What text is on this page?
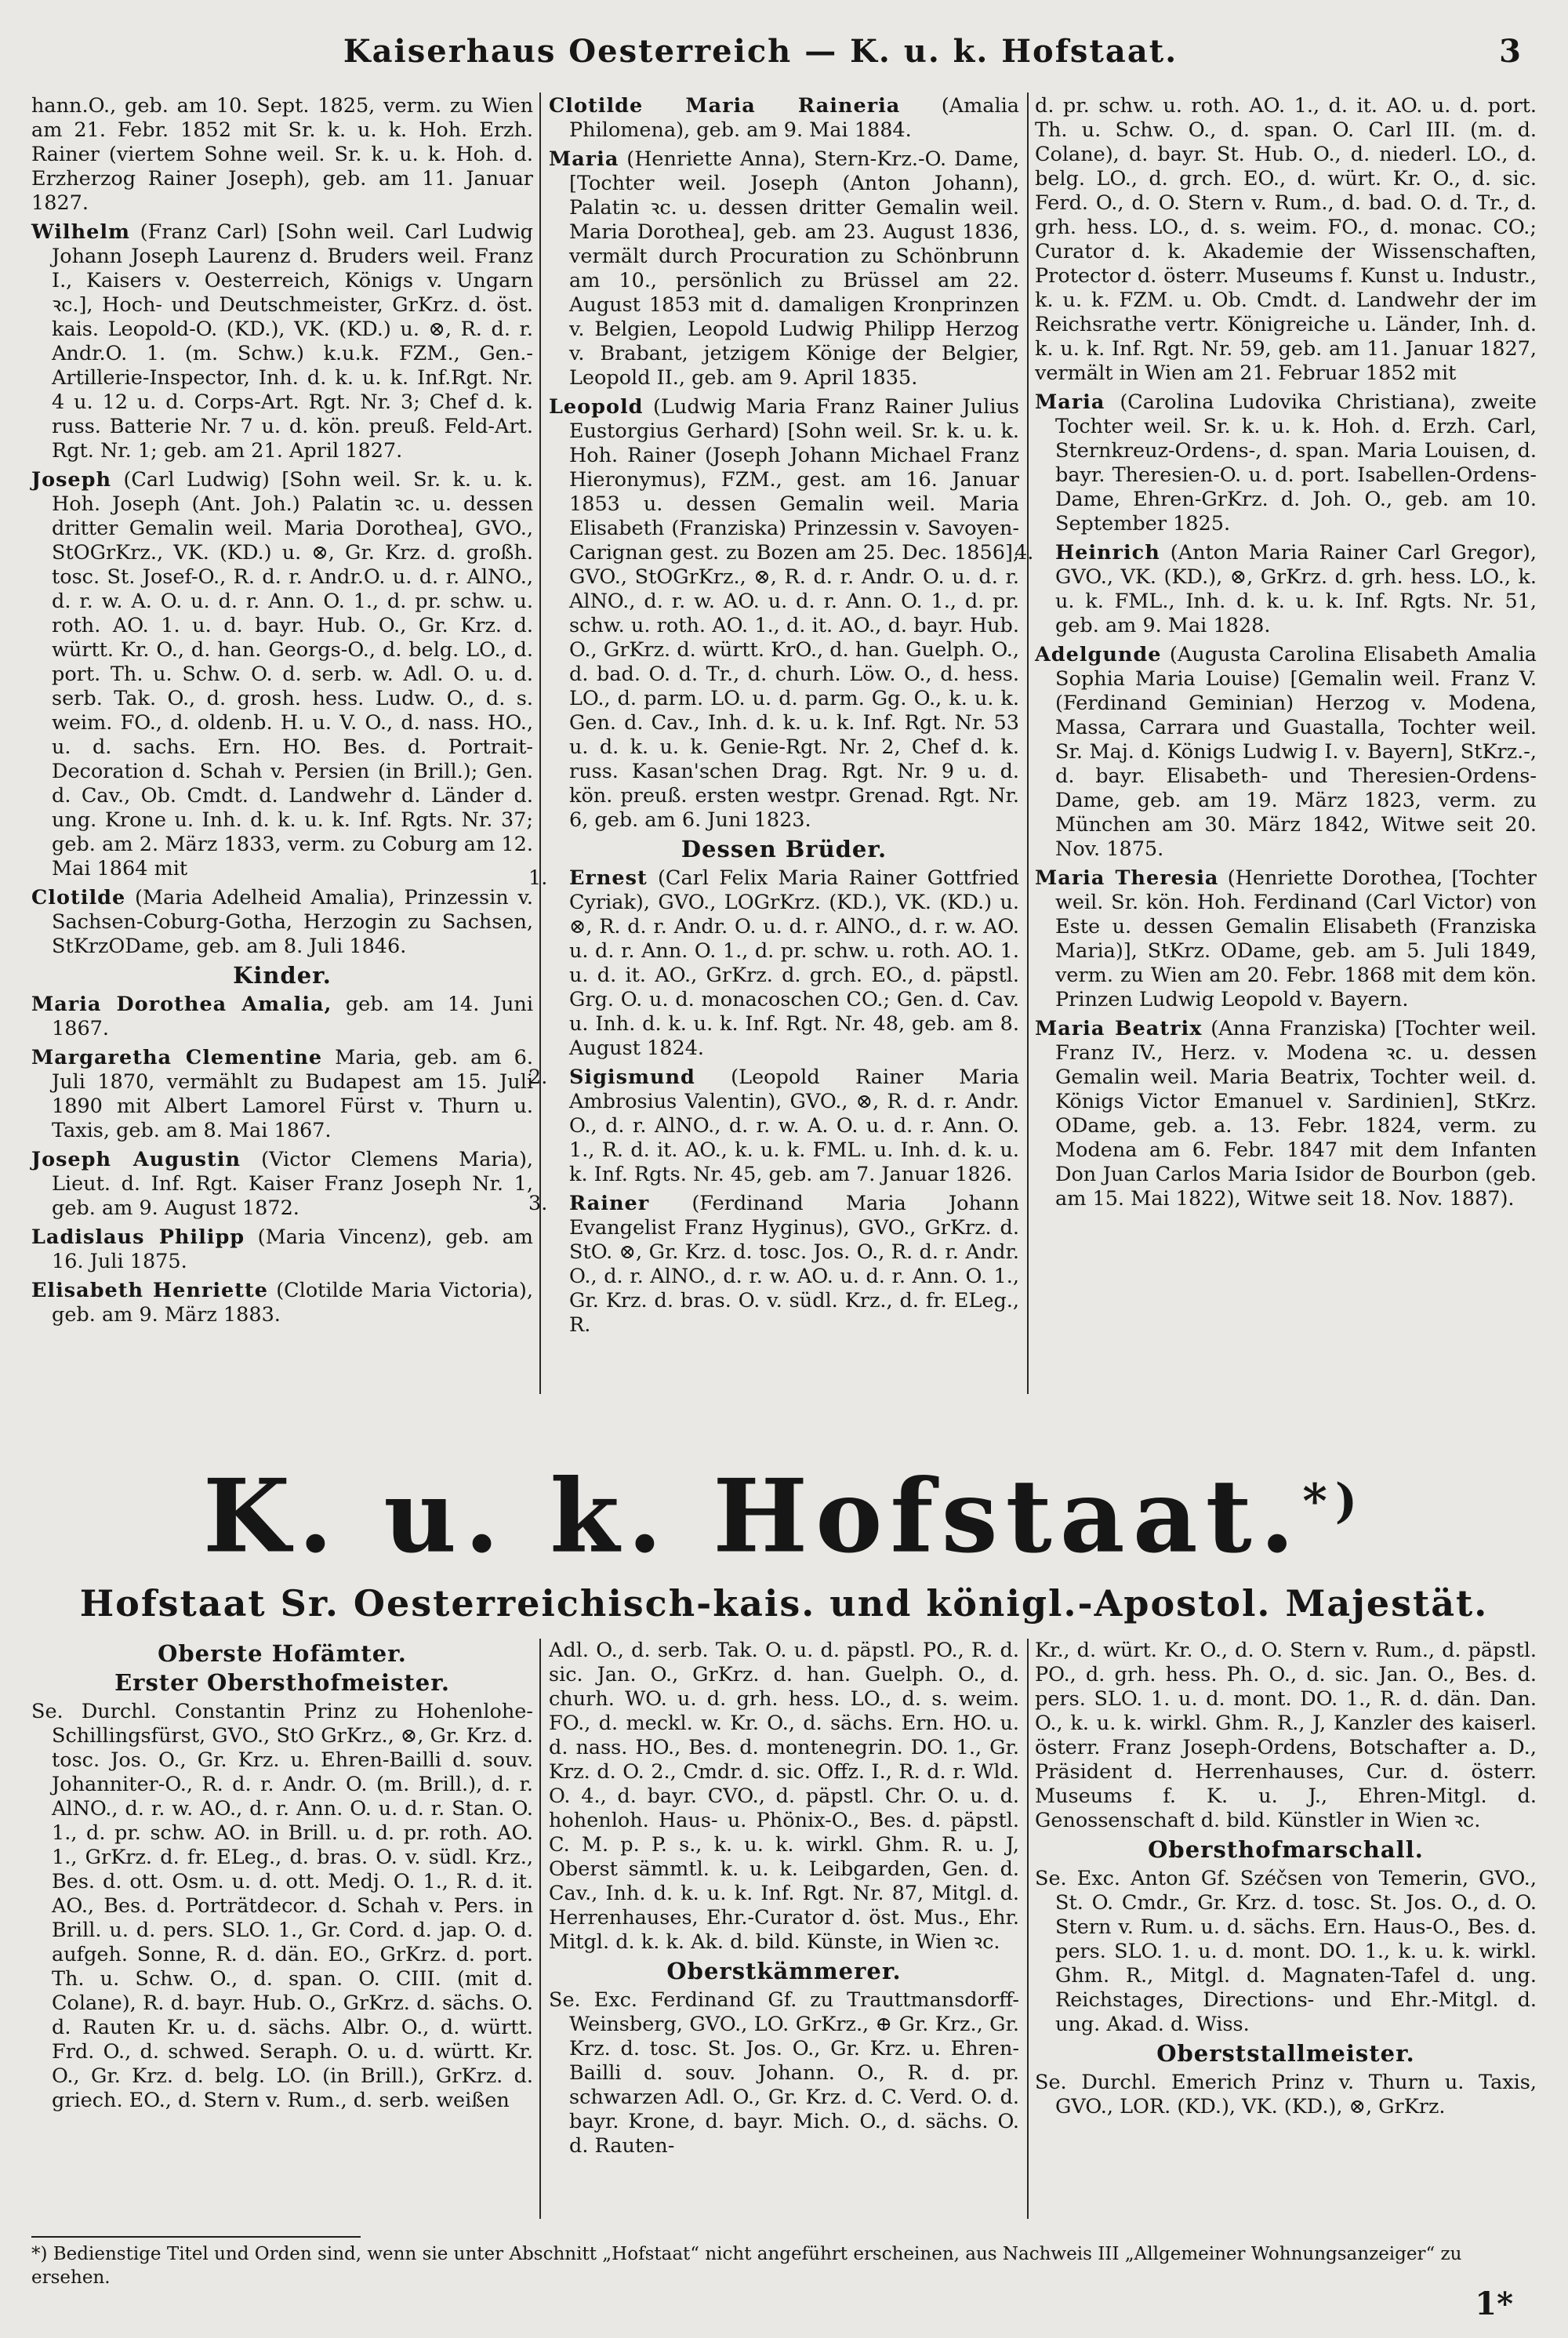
Kaiserhaus Oesterreich — K. u. k. Hofstaat.	3

hann.O., geb. am 10. Sept. 1825, verm. zu Wien am 21. Febr. 1852 mit Sr. k. u. k. Hoh. Erzh. Rainer (viertem Sohne weil. Sr. k. u. k. Hoh. d. Erzherzog Rainer Joseph), geb. am 11. Januar 1827.

Wilhelm (Franz Carl) [Sohn weil. Carl Ludwig Johann Joseph Laurenz d. Bruders weil. Franz I., Kaisers v. Oesterreich, Königs v. Ungarn ꝛc.], Hoch- und Deutschmeister, GrKrz. d. öst. kais. Leopold-O. (KD.), VK. (KD.) u. ⊗, R. d. r. Andr.O. 1. (m. Schw.) k.u.k. FZM., Gen.-Artillerie-Inspector, Inh. d. k. u. k. Inf.Rgt. Nr. 4 u. 12 u. d. Corps-Art. Rgt. Nr. 3; Chef d. k. russ. Batterie Nr. 7 u. d. kön. preuß. Feld-Art. Rgt. Nr. 1; geb. am 21. April 1827.

Joseph (Carl Ludwig) [Sohn weil. Sr. k. u. k. Hoh. Joseph (Ant. Joh.) Palatin ꝛc. u. dessen dritter Gemalin weil. Maria Dorothea], GVO., StOGrKrz., VK. (KD.) u. ⊗, Gr. Krz. d. großh. tosc. St. Josef-O., R. d. r. Andr.O. u. d. r. AlNO., d. r. w. A. O. u. d. r. Ann. O. 1., d. pr. schw. u. roth. AO. 1. u. d. bayr. Hub. O., Gr. Krz. d. württ. Kr. O., d. han. Georgs-O., d. belg. LO., d. port. Th. u. Schw. O. d. serb. w. Adl. O. u. d. serb. Tak. O., d. grosh. hess. Ludw. O., d. s. weim. FO., d. oldenb. H. u. V. O., d. nass. HO., u. d. sachs. Ern. HO. Bes. d. Portrait-Decoration d. Schah v. Persien (in Brill.); Gen. d. Cav., Ob. Cmdt. d. Landwehr d. Länder d. ung. Krone u. Inh. d. k. u. k. Inf. Rgts. Nr. 37; geb. am 2. März 1833, verm. zu Coburg am 12. Mai 1864 mit

Clotilde (Maria Adelheid Amalia), Prinzessin v. Sachsen-Coburg-Gotha, Herzogin zu Sachsen, StKrzODame, geb. am 8. Juli 1846.

Kinder.

Maria Dorothea Amalia, geb. am 14. Juni 1867.

Margaretha Clementine Maria, geb. am 6. Juli 1870, vermählt zu Budapest am 15. Juli 1890 mit Albert Lamorel Fürst v. Thurn u. Taxis, geb. am 8. Mai 1867.

Joseph Augustin (Victor Clemens Maria), Lieut. d. Inf. Rgt. Kaiser Franz Joseph Nr. 1, geb. am 9. August 1872.

Ladislaus Philipp (Maria Vincenz), geb. am 16. Juli 1875.

Elisabeth Henriette (Clotilde Maria Victoria), geb. am 9. März 1883.

Clotilde Maria Raineria (Amalia Philomena), geb. am 9. Mai 1884.

Maria (Henriette Anna), Stern-Krz.-O. Dame, [Tochter weil. Joseph (Anton Johann), Palatin ꝛc. u. dessen dritter Gemalin weil. Maria Dorothea], geb. am 23. August 1836, vermält durch Procuration zu Schönbrunn am 10., persönlich zu Brüssel am 22. August 1853 mit d. damaligen Kronprinzen v. Belgien, Leopold Ludwig Philipp Herzog v. Brabant, jetzigem Könige der Belgier, Leopold II., geb. am 9. April 1835.

Leopold (Ludwig Maria Franz Rainer Julius Eustorgius Gerhard) [Sohn weil. Sr. k. u. k. Hoh. Rainer (Joseph Johann Michael Franz Hieronymus), FZM., gest. am 16. Januar 1853 u. dessen Gemalin weil. Maria Elisabeth (Franziska) Prinzessin v. Savoyen-Carignan gest. zu Bozen am 25. Dec. 1856], GVO., StOGrKrz., ⊗, R. d. r. Andr. O. u. d. r. AlNO., d. r. w. AO. u. d. r. Ann. O. 1., d. pr. schw. u. roth. AO. 1., d. it. AO., d. bayr. Hub. O., GrKrz. d. württ. KrO., d. han. Guelph. O., d. bad. O. d. Tr., d. churh. Löw. O., d. hess. LO., d. parm. LO. u. d. parm. Gg. O., k. u. k. Gen. d. Cav., Inh. d. k. u. k. Inf. Rgt. Nr. 53 u. d. k. u. k. Genie-Rgt. Nr. 2, Chef d. k. russ. Kasan'schen Drag. Rgt. Nr. 9 u. d. kön. preuß. ersten westpr. Grenad. Rgt. Nr. 6, geb. am 6. Juni 1823.

Dessen Brüder.

1. Ernest (Carl Felix Maria Rainer Gottfried Cyriak), GVO., LOGrKrz. (KD.), VK. (KD.) u. ⊗, R. d. r. Andr. O. u. d. r. AlNO., d. r. w. AO. u. d. r. Ann. O. 1., d. pr. schw. u. roth. AO. 1. u. d. it. AO., GrKrz. d. grch. EO., d. päpstl. Grg. O. u. d. monacoschen CO.; Gen. d. Cav. u. Inh. d. k. u. k. Inf. Rgt. Nr. 48, geb. am 8. August 1824.

2. Sigismund (Leopold Rainer Maria Ambrosius Valentin), GVO., ⊗, R. d. r. Andr. O., d. r. AlNO., d. r. w. A. O. u. d. r. Ann. O. 1., R. d. it. AO., k. u. k. FML. u. Inh. d. k. u. k. Inf. Rgts. Nr. 45, geb. am 7. Januar 1826.

3. Rainer (Ferdinand Maria Johann Evangelist Franz Hyginus), GVO., GrKrz. d. StO. ⊗, Gr. Krz. d. tosc. Jos. O., R. d. r. Andr. O., d. r. AlNO., d. r. w. AO. u. d. r. Ann. O. 1., Gr. Krz. d. bras. O. v. südl. Krz., d. fr. ELeg., R.

d. pr. schw. u. roth. AO. 1., d. it. AO. u. d. port. Th. u. Schw. O., d. span. O. Carl III. (m. d. Colane), d. bayr. St. Hub. O., d. niederl. LO., d. belg. LO., d. grch. EO., d. würt. Kr. O., d. sic. Ferd. O., d. O. Stern v. Rum., d. bad. O. d. Tr., d. grh. hess. LO., d. s. weim. FO., d. monac. CO.; Curator d. k. Akademie der Wissenschaften, Protector d. österr. Museums f. Kunst u. Industr., k. u. k. FZM. u. Ob. Cmdt. d. Landwehr der im Reichsrathe vertr. Königreiche u. Länder, Inh. d. k. u. k. Inf. Rgt. Nr. 59, geb. am 11. Januar 1827, vermält in Wien am 21. Februar 1852 mit

Maria (Carolina Ludovika Christiana), zweite Tochter weil. Sr. k. u. k. Hoh. d. Erzh. Carl, Sternkreuz-Ordens-, d. span. Maria Louisen, d. bayr. Theresien-O. u. d. port. Isabellen-Ordens-Dame, Ehren-GrKrz. d. Joh. O., geb. am 10. September 1825.

4. Heinrich (Anton Maria Rainer Carl Gregor), GVO., VK. (KD.), ⊗, GrKrz. d. grh. hess. LO., k. u. k. FML., Inh. d. k. u. k. Inf. Rgts. Nr. 51, geb. am 9. Mai 1828.

Adelgunde (Augusta Carolina Elisabeth Amalia Sophia Maria Louise) [Gemalin weil. Franz V. (Ferdinand Geminian) Herzog v. Modena, Massa, Carrara und Guastalla, Tochter weil. Sr. Maj. d. Königs Ludwig I. v. Bayern], StKrz.-, d. bayr. Elisabeth- und Theresien-Ordens-Dame, geb. am 19. März 1823, verm. zu München am 30. März 1842, Witwe seit 20. Nov. 1875.

Maria Theresia (Henriette Dorothea, [Tochter weil. Sr. kön. Hoh. Ferdinand (Carl Victor) von Este u. dessen Gemalin Elisabeth (Franziska Maria)], StKrz. ODame, geb. am 5. Juli 1849, verm. zu Wien am 20. Febr. 1868 mit dem kön. Prinzen Ludwig Leopold v. Bayern.

Maria Beatrix (Anna Franziska) [Tochter weil. Franz IV., Herz. v. Modena ꝛc. u. dessen Gemalin weil. Maria Beatrix, Tochter weil. d. Königs Victor Emanuel v. Sardinien], StKrz. ODame, geb. a. 13. Febr. 1824, verm. zu Modena am 6. Febr. 1847 mit dem Infanten Don Juan Carlos Maria Isidor de Bourbon (geb. am 15. Mai 1822), Witwe seit 18. Nov. 1887).

K. u. k. Hofstaat.*)
Hofstaat Sr. Oesterreichisch-kais. und königl.-Apostol. Majestät.
Oberste Hofämter.
Erster Obersthofmeister.

Se. Durchl. Constantin Prinz zu Hohenlohe-Schillingsfürst, GVO., StO GrKrz., ⊗, Gr. Krz. d. tosc. Jos. O., Gr. Krz. u. Ehren-Bailli d. souv. Johanniter-O., R. d. r. Andr. O. (m. Brill.), d. r. AlNO., d. r. w. AO., d. r. Ann. O. u. d. r. Stan. O. 1., d. pr. schw. AO. in Brill. u. d. pr. roth. AO. 1., GrKrz. d. fr. ELeg., d. bras. O. v. südl. Krz., Bes. d. ott. Osm. u. d. ott. Medj. O. 1., R. d. it. AO., Bes. d. Porträtdecor. d. Schah v. Pers. in Brill. u. d. pers. SLO. 1., Gr. Cord. d. jap. O. d. aufgeh. Sonne, R. d. dän. EO., GrKrz. d. port. Th. u. Schw. O., d. span. O. CIII. (mit d. Colane), R. d. bayr. Hub. O., GrKrz. d. sächs. O. d. Rauten Kr. u. d. sächs. Albr. O., d. württ. Frd. O., d. schwed. Seraph. O. u. d. württ. Kr. O., Gr. Krz. d. belg. LO. (in Brill.), GrKrz. d. griech. EO., d. Stern v. Rum., d. serb. weißen

Adl. O., d. serb. Tak. O. u. d. päpstl. PO., R. d. sic. Jan. O., GrKrz. d. han. Guelph. O., d. churh. WO. u. d. grh. hess. LO., d. s. weim. FO., d. meckl. w. Kr. O., d. sächs. Ern. HO. u. d. nass. HO., Bes. d. montenegrin. DO. 1., Gr. Krz. d. O. 2., Cmdr. d. sic. Offz. I., R. d. r. Wld. O. 4., d. bayr. CVO., d. päpstl. Chr. O. u. d. hohenloh. Haus- u. Phönix-O., Bes. d. päpstl. C. M. p. P. s., k. u. k. wirkl. Ghm. R. u. J, Oberst sämmtl. k. u. k. Leibgarden, Gen. d. Cav., Inh. d. k. u. k. Inf. Rgt. Nr. 87, Mitgl. d. Herrenhauses, Ehr.-Curator d. öst. Mus., Ehr. Mitgl. d. k. k. Ak. d. bild. Künste, in Wien ꝛc.

Oberstkämmerer.

Se. Exc. Ferdinand Gf. zu Trauttmansdorff-Weinsberg, GVO., LO. GrKrz., ⊕ Gr. Krz., Gr. Krz. d. tosc. St. Jos. O., Gr. Krz. u. Ehren-Bailli d. souv. Johann. O., R. d. pr. schwarzen Adl. O., Gr. Krz. d. C. Verd. O. d. bayr. Krone, d. bayr. Mich. O., d. sächs. O. d. Rauten-

Kr., d. würt. Kr. O., d. O. Stern v. Rum., d. päpstl. PO., d. grh. hess. Ph. O., d. sic. Jan. O., Bes. d. pers. SLO. 1. u. d. mont. DO. 1., R. d. dän. Dan. O., k. u. k. wirkl. Ghm. R., J, Kanzler des kaiserl. österr. Franz Joseph-Ordens, Botschafter a. D., Präsident d. Herrenhauses, Cur. d. österr. Museums f. K. u. J., Ehren-Mitgl. d. Genossenschaft d. bild. Künstler in Wien ꝛc.

Obersthofmarschall.

Se. Exc. Anton Gf. Széčsen von Temerin, GVO., St. O. Cmdr., Gr. Krz. d. tosc. St. Jos. O., d. O. Stern v. Rum. u. d. sächs. Ern. Haus-O., Bes. d. pers. SLO. 1. u. d. mont. DO. 1., k. u. k. wirkl. Ghm. R., Mitgl. d. Magnaten-Tafel d. ung. Reichstages, Directions- und Ehr.-Mitgl. d. ung. Akad. d. Wiss.

Oberststallmeister.

Se. Durchl. Emerich Prinz v. Thurn u. Taxis, GVO., LOR. (KD.), VK. (KD.), ⊗, GrKrz.

*) Bedienstige Titel und Orden sind, wenn sie unter Abschnitt „Hofstaat“ nicht angeführt erscheinen, aus Nachweis III „Allgemeiner Wohnungsanzeiger“ zu ersehen.
1*
